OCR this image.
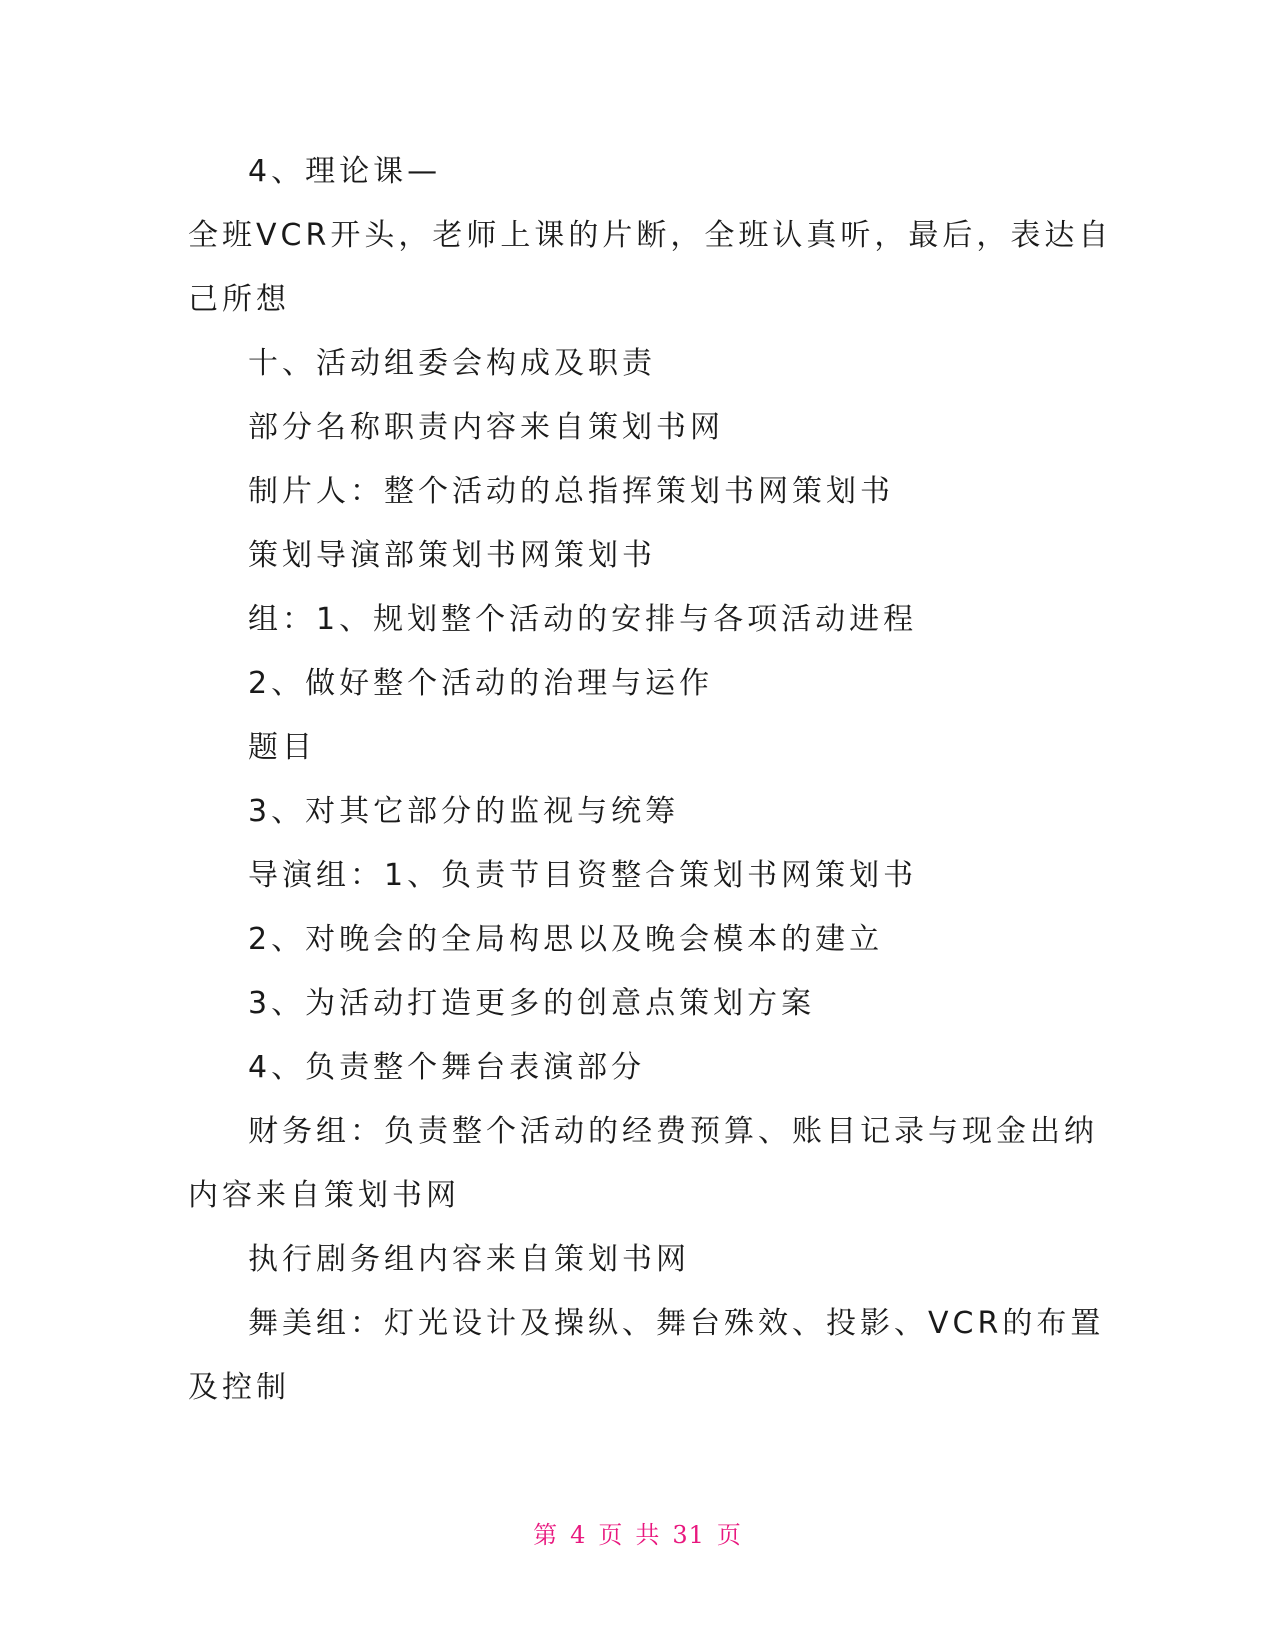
4、理论课—

全班VCR开头，老师上课的片断，全班认真听，最后，表达自

己所想

十、活动组委会构成及职责

部分名称职责内容来自策划书网

制片人：整个活动的总指挥策划书网策划书

策划导演部策划书网策划书

组：1、规划整个活动的安排与各项活动进程

2、做好整个活动的治理与运作

题目

3、对其它部分的监视与统筹

导演组：1、负责节目资整合策划书网策划书

2、对晚会的全局构思以及晚会模本的建立

3、为活动打造更多的创意点策划方案

4、负责整个舞台表演部分

财务组：负责整个活动的经费预算、账目记录与现金出纳

内容来自策划书网

执行剧务组内容来自策划书网

舞美组：灯光设计及操纵、舞台殊效、投影、VCR的布置

及控制

第 4 页 共 31 页
